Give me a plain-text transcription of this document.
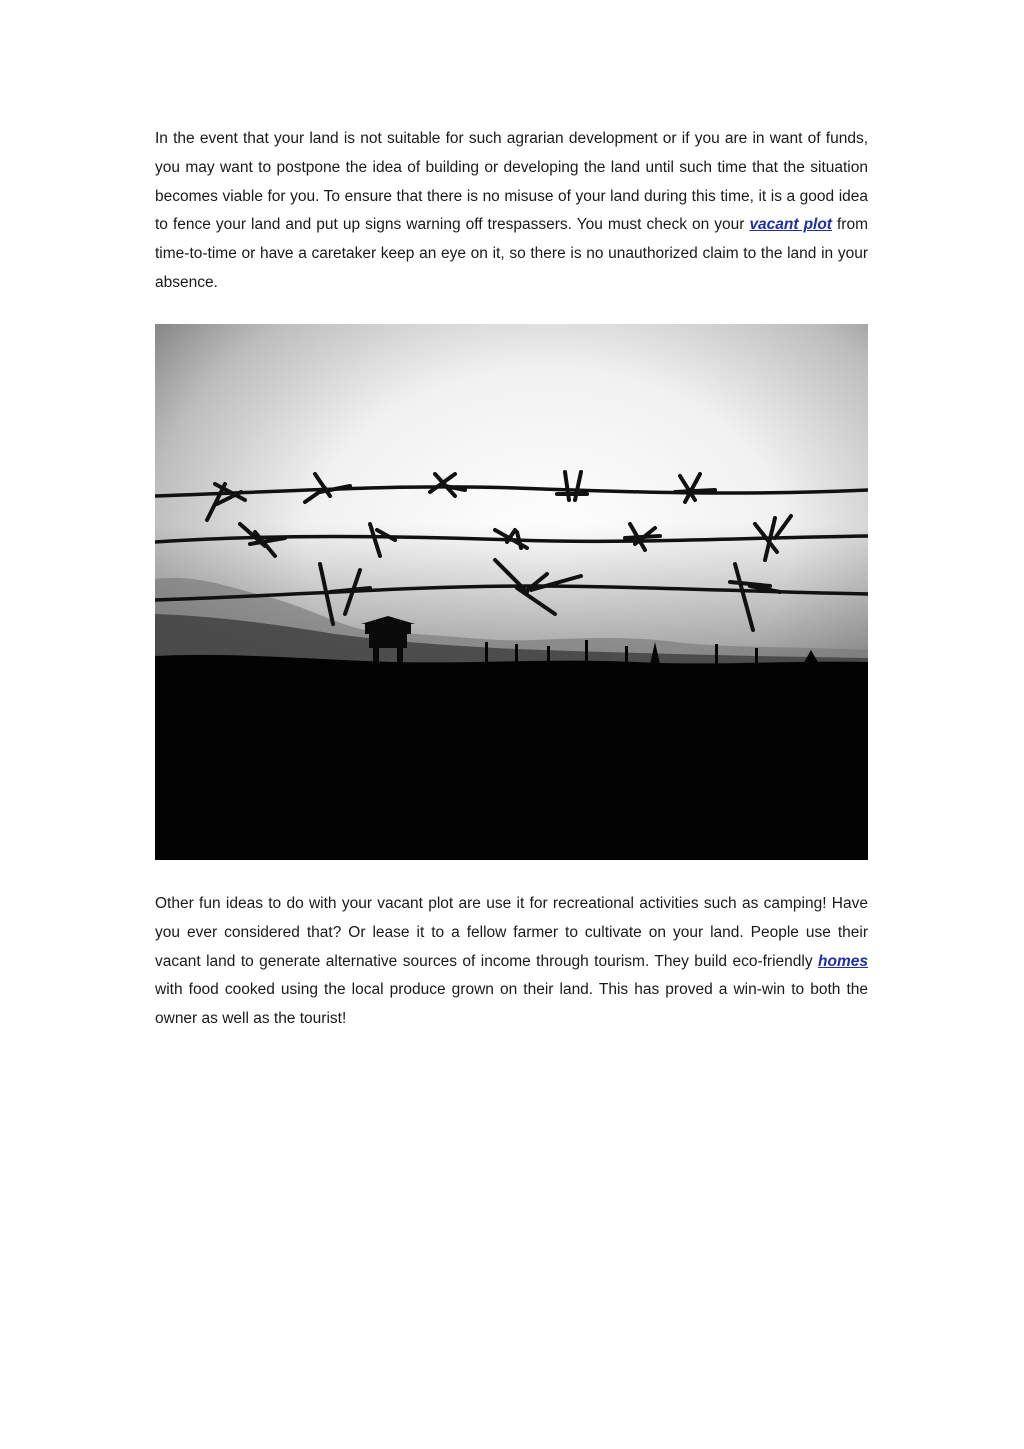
In the event that your land is not suitable for such agrarian development or if you are in want of funds, you may want to postpone the idea of building or developing the land until such time that the situation becomes viable for you. To ensure that there is no misuse of your land during this time, it is a good idea to fence your land and put up signs warning off trespassers. You must check on your vacant plot from time-to-time or have a caretaker keep an eye on it, so there is no unauthorized claim to the land in your absence.

Other fun ideas to do with your vacant plot are use it for recreational activities such as camping! Have you ever considered that? Or lease it to a fellow farmer to cultivate on your land. People use their vacant land to generate alternative sources of income through tourism. They build eco-friendly homes with food cooked using the local produce grown on their land. This has proved a win-win to both the owner as well as the tourist!
